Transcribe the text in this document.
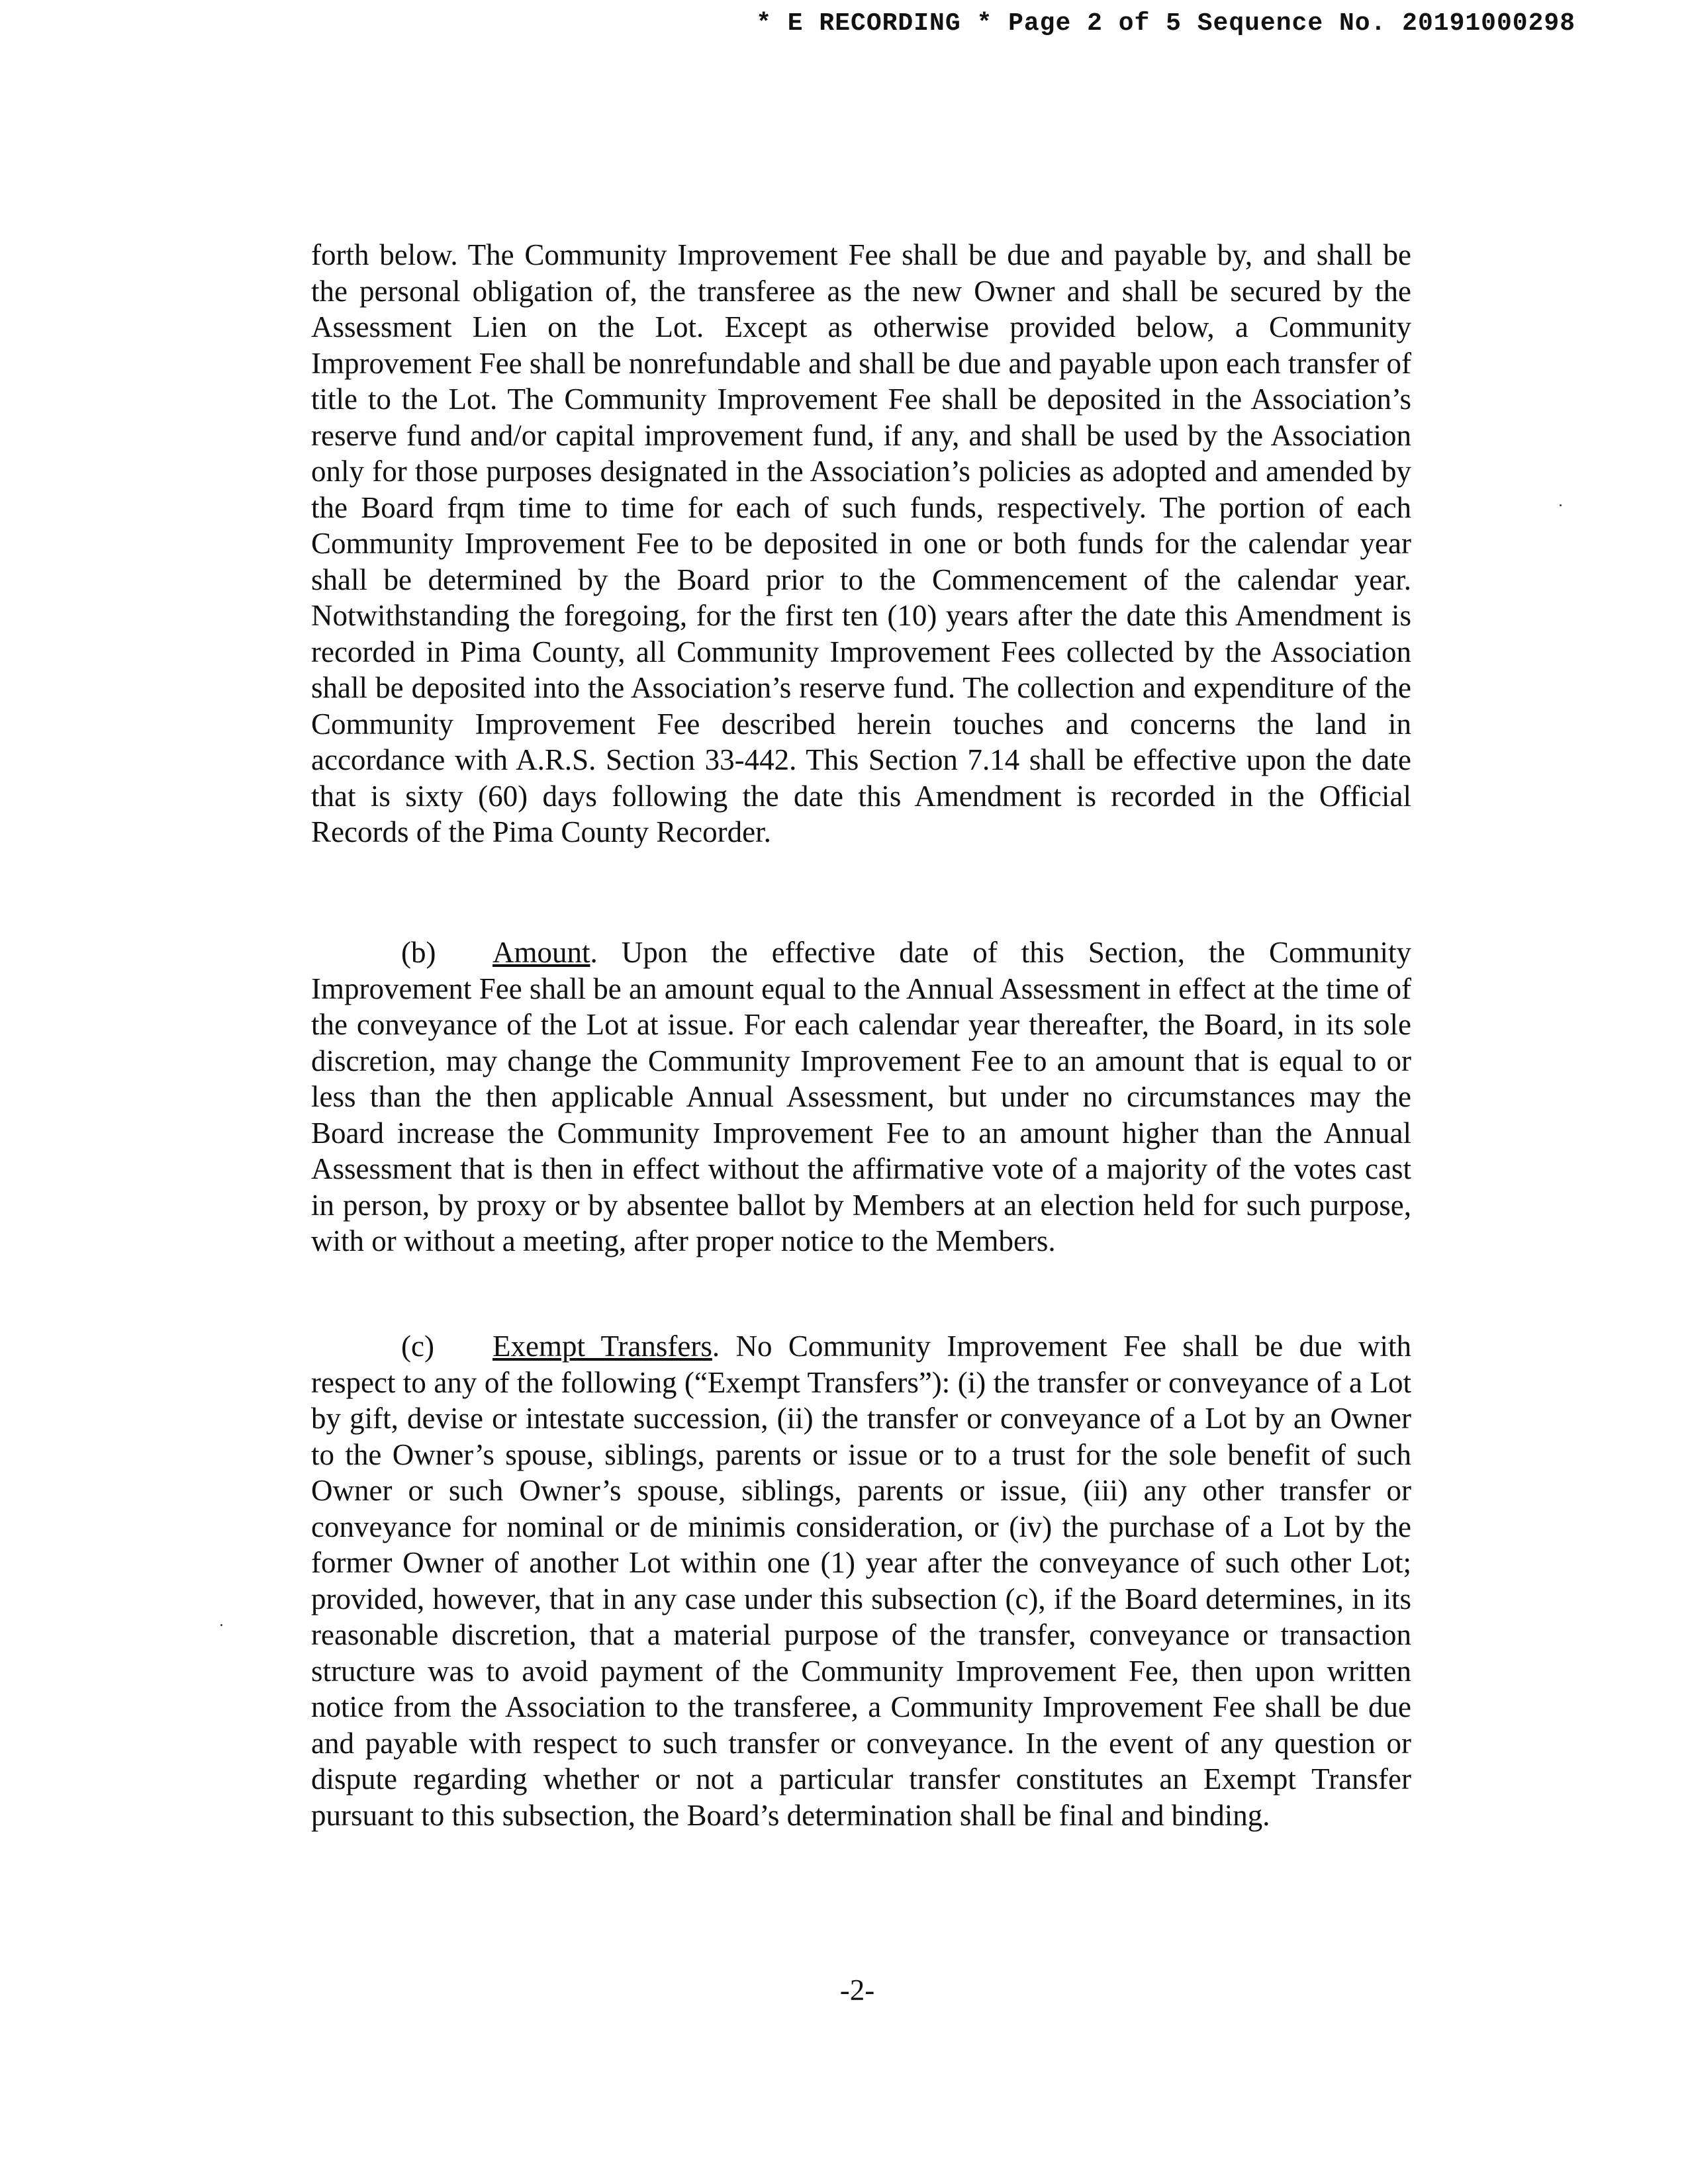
* E RECORDING * Page 2 of 5 Sequence No. 20191000298

forth below. The Community Improvement Fee shall be due and payable by, and shall be the personal obligation of, the transferee as the new Owner and shall be secured by the Assessment Lien on the Lot. Except as otherwise provided below, a Community Improvement Fee shall be nonrefundable and shall be due and payable upon each transfer of title to the Lot. The Community Improvement Fee shall be deposited in the Association’s reserve fund and/or capital improvement fund, if any, and shall be used by the Association only for those purposes designated in the Association’s policies as adopted and amended by the Board frqm time to time for each of such funds, respectively. The portion of each Community Improvement Fee to be deposited in one or both funds for the calendar year shall be determined by the Board prior to the Commencement of the calendar year. Notwithstanding the foregoing, for the first ten (10) years after the date this Amendment is recorded in Pima County, all Community Improvement Fees collected by the Association shall be deposited into the Association’s reserve fund. The collection and expenditure of the Community Improvement Fee described herein touches and concerns the land in accordance with A.R.S. Section 33-442. This Section 7.14 shall be effective upon the date that is sixty (60) days following the date this Amendment is recorded in the Official Records of the Pima County Recorder.

(b) Amount. Upon the effective date of this Section, the Community Improvement Fee shall be an amount equal to the Annual Assessment in effect at the time of the conveyance of the Lot at issue. For each calendar year thereafter, the Board, in its sole discretion, may change the Community Improvement Fee to an amount that is equal to or less than the then applicable Annual Assessment, but under no circumstances may the Board increase the Community Improvement Fee to an amount higher than the Annual Assessment that is then in effect without the affirmative vote of a majority of the votes cast in person, by proxy or by absentee ballot by Members at an election held for such purpose, with or without a meeting, after proper notice to the Members.

(c) Exempt Transfers. No Community Improvement Fee shall be due with respect to any of the following (“Exempt Transfers”): (i) the transfer or conveyance of a Lot by gift, devise or intestate succession, (ii) the transfer or conveyance of a Lot by an Owner to the Owner’s spouse, siblings, parents or issue or to a trust for the sole benefit of such Owner or such Owner’s spouse, siblings, parents or issue, (iii) any other transfer or conveyance for nominal or de minimis consideration, or (iv) the purchase of a Lot by the former Owner of another Lot within one (1) year after the conveyance of such other Lot; provided, however, that in any case under this subsection (c), if the Board determines, in its reasonable discretion, that a material purpose of the transfer, conveyance or transaction structure was to avoid payment of the Community Improvement Fee, then upon written notice from the Association to the transferee, a Community Improvement Fee shall be due and payable with respect to such transfer or conveyance. In the event of any question or dispute regarding whether or not a particular transfer constitutes an Exempt Transfer pursuant to this subsection, the Board’s determination shall be final and binding.

-2-
